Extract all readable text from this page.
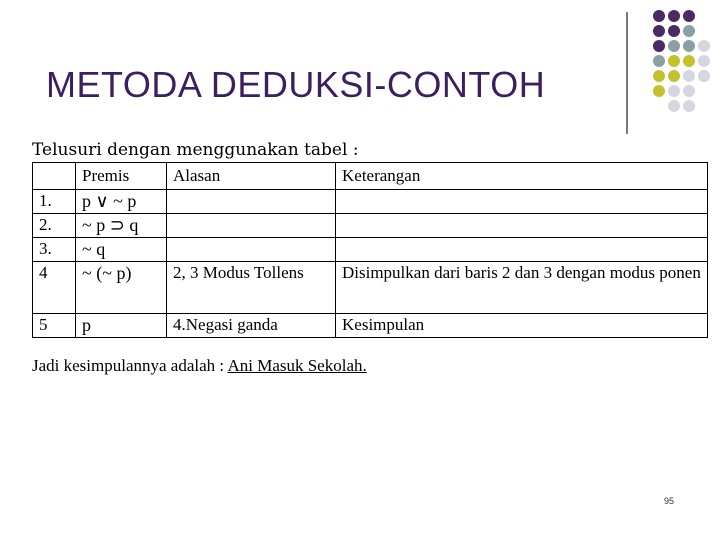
METODA DEDUKSI-CONTOH
Telusuri dengan menggunakan tabel :
	Premis	Alasan	Keterangan
1.	p ∨ ~ p		
2.	~ p ⊃ q		
3.	~ q		
4	~ (~ p)	2, 3 Modus Tollens	Disimpulkan dari baris 2 dan 3 dengan modus ponen
5	p	4.Negasi ganda	Kesimpulan
Jadi kesimpulannya adalah : Ani Masuk Sekolah.
95
